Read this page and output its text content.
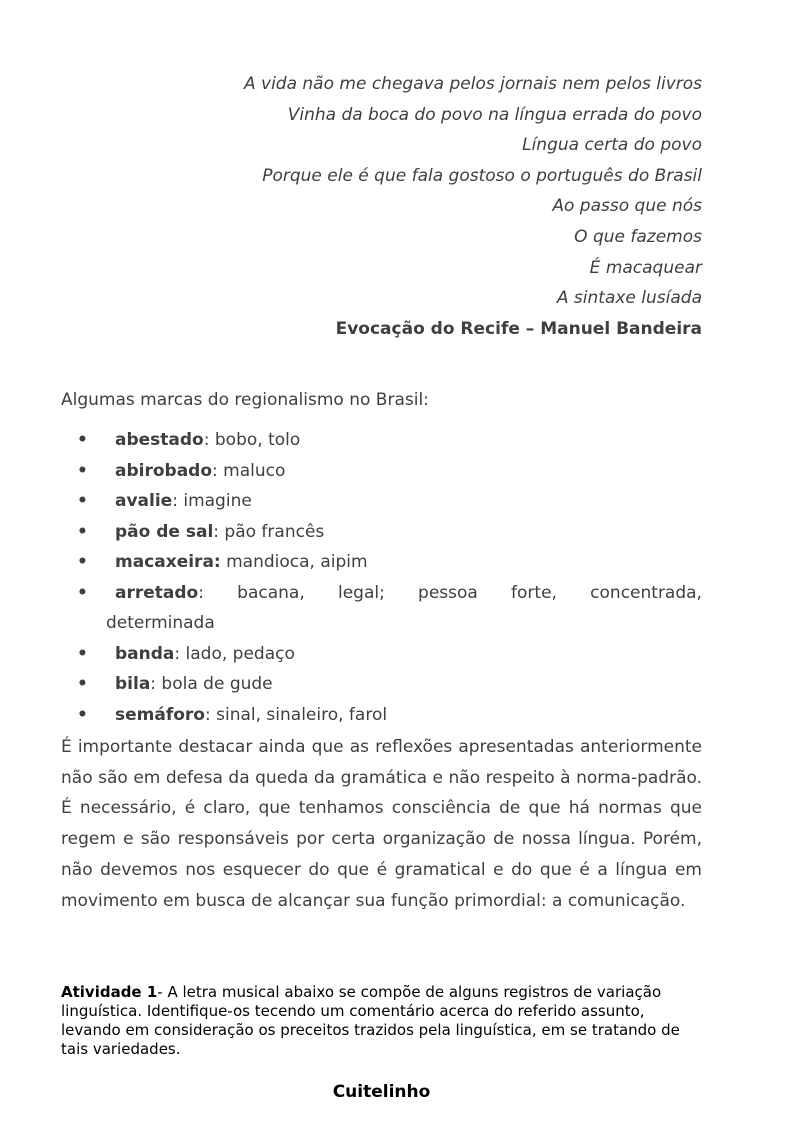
A vida não me chegava pelos jornais nem pelos livros
Vinha da boca do povo na língua errada do povo
Língua certa do povo
Porque ele é que fala gostoso o português do Brasil
Ao passo que nós
O que fazemos
É macaquear
A sintaxe lusíada
Evocação do Recife – Manuel Bandeira
Algumas marcas do regionalismo no Brasil:
• abestado: bobo, tolo
• abirobado: maluco
• avalie: imagine
• pão de sal: pão francês
• macaxeira: mandioca, aipim
• arretado: bacana, legal; pessoa forte, concentrada,
determinada
• banda: lado, pedaço
• bila: bola de gude
• semáforo: sinal, sinaleiro, farol

É importante destacar ainda que as reflexões apresentadas anteriormente não são em defesa da queda da gramática e não respeito à norma-padrão. É necessário, é claro, que tenhamos consciência de que há normas que regem e são responsáveis por certa organização de nossa língua. Porém, não devemos nos esquecer do que é gramatical e do que é a língua em movimento em busca de alcançar sua função primordial: a comunicação.

Atividade 1- A letra musical abaixo se compõe de alguns registros de variação linguística. Identifique-os tecendo um comentário acerca do referido assunto, levando em consideração os preceitos trazidos pela linguística, em se tratando de tais variedades.

Cuitelinho
